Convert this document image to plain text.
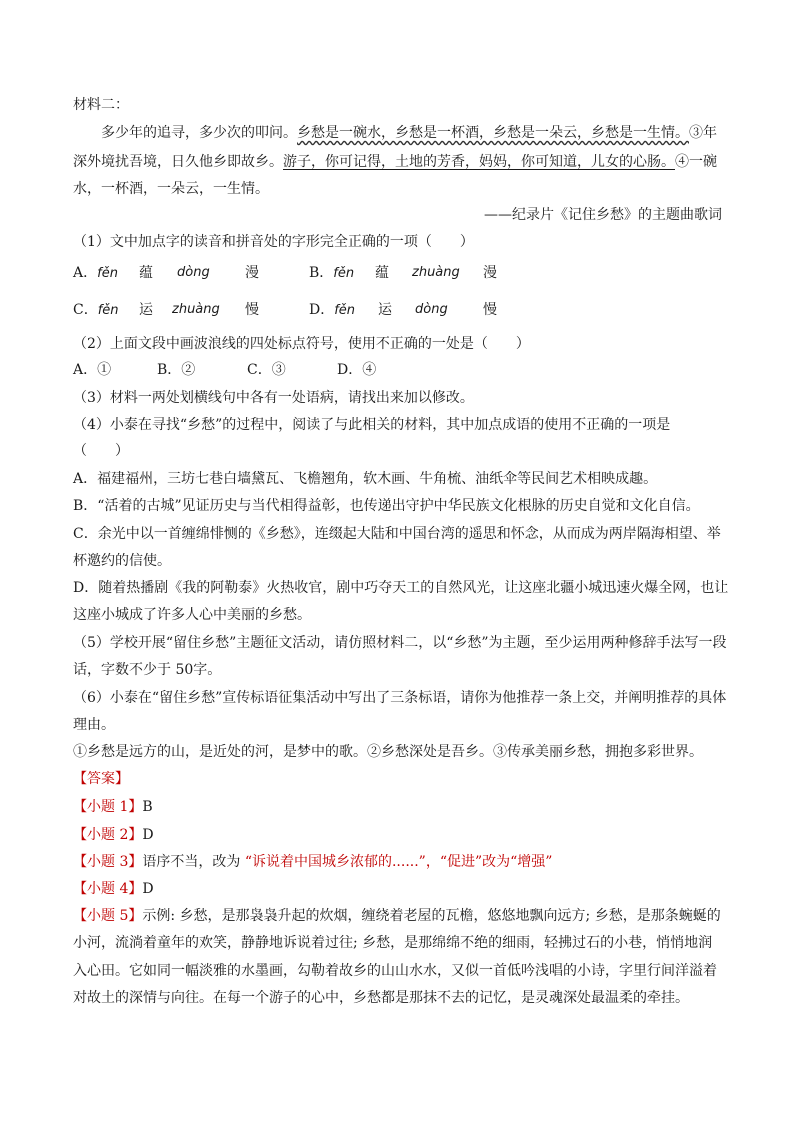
材料二：
多少年的追寻，多少次的叩问。乡愁是一碗水，乡愁是一杯酒，乡愁是一朵云，乡愁是一生情。③年
深外境扰吾境，日久他乡即故乡。游子，你可记得，土地的芳香，妈妈，你可知道，儿女的心肠。④一碗
水，一杯酒，一朵云，一生情。
——纪录片《记住乡愁》的主题曲歌词
（1）文中加点字的读音和拼音处的字形完全正确的一项（　　）
A．fěn 蕴 dòng	漫	B．fěn 蕴 zhuàng 漫
C．fěn 运 zhuàng 慢	D．fěn 运 dòng	慢
（2）上面文段中画波浪线的四处标点符号，使用不正确的一处是（　　）
A．①	B．②	C．③	D．④
（3）材料一两处划横线句中各有一处语病，请找出来加以修改。
（4）小泰在寻找“乡愁”的过程中，阅读了与此相关的材料，其中加点成语的使用不正确的一项是
（　　）
A．福建福州，三坊七巷白墙黛瓦、飞檐翘角，软木画、牛角梳、油纸伞等民间艺术相映成趣。
B．“活着的古城”见证历史与当代相得益彰，也传递出守护中华民族文化根脉的历史自觉和文化自信。
C．余光中以一首缠绵悱恻的《乡愁》，连缀起大陆和中国台湾的遥思和怀念，从而成为两岸隔海相望、举
杯邀约的信使。
D．随着热播剧《我的阿勒泰》火热收官，剧中巧夺天工的自然风光，让这座北疆小城迅速火爆全网，也让
这座小城成了许多人心中美丽的乡愁。
（5）学校开展“留住乡愁”主题征文活动，请仿照材料二，以“乡愁”为主题，至少运用两种修辞手法写一段
话，字数不少于 50字。
（6）小泰在“留住乡愁”宣传标语征集活动中写出了三条标语，请你为他推荐一条上交，并阐明推荐的具体
理由。
①乡愁是远方的山，是近处的河，是梦中的歌。②乡愁深处是吾乡。③传承美丽乡愁，拥抱多彩世界。
【答案】
【小题 1】B
【小题 2】D
【小题 3】语序不当，改为 “诉说着中国城乡浓郁的......”，“促进”改为“增强”
【小题 4】D
【小题 5】示例: 乡愁，是那袅袅升起的炊烟，缠绕着老屋的瓦檐，悠悠地飘向远方; 乡愁，是那条蜿蜒的
小河，流淌着童年的欢笑，静静地诉说着过往; 乡愁，是那绵绵不绝的细雨，轻拂过石的小巷，悄悄地润
入心田。它如同一幅淡雅的水墨画，勾勒着故乡的山山水水，又似一首低吟浅唱的小诗，字里行间洋溢着
对故土的深情与向往。在每一个游子的心中，乡愁都是那抹不去的记忆，是灵魂深处最温柔的牵挂。
